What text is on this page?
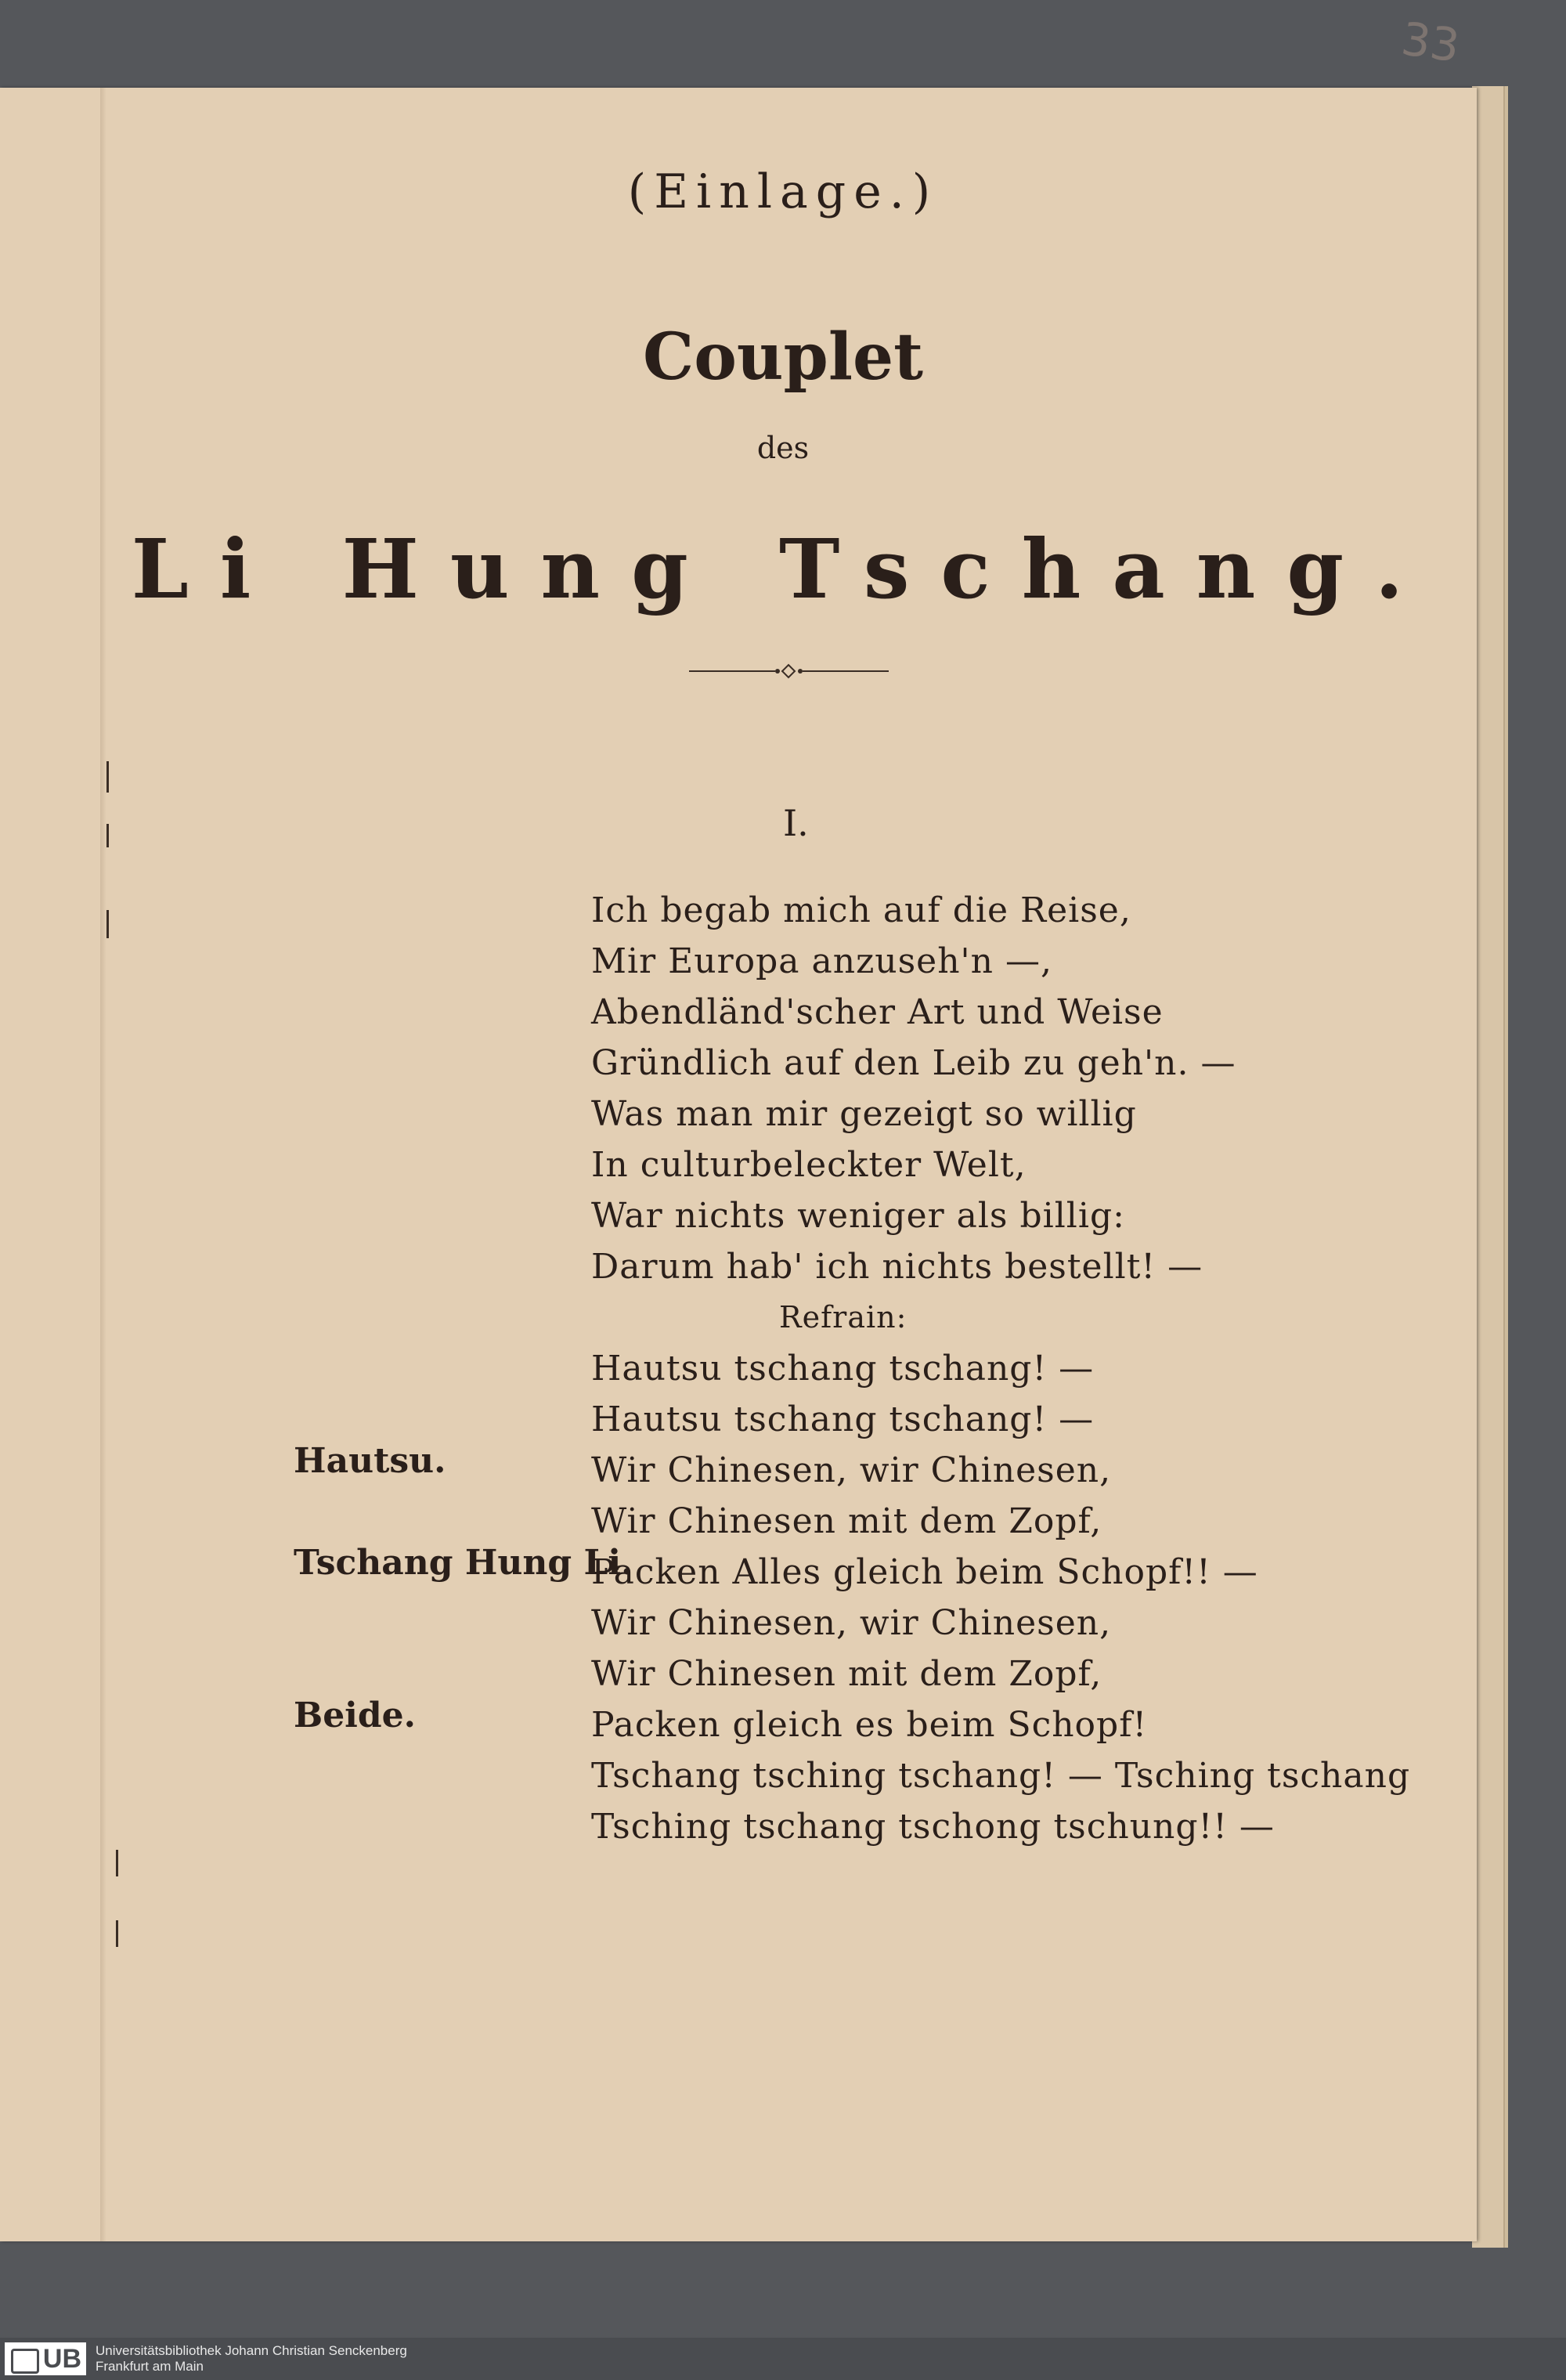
33
(Einlage.)
Couplet
des
Li Hung Tschang.
I.
Ich begab mich auf die Reise,
Mir Europa anzuseh'n —,
Abendländ'scher Art und Weise
Gründlich auf den Leib zu geh'n. —
Was man mir gezeigt so willig
In culturbeleckter Welt,
War nichts weniger als billig:
Darum hab' ich nichts bestellt! —
Refrain:
Hautsu tschang tschang! —
Hautsu tschang tschang! —
Wir Chinesen, wir Chinesen,
Wir Chinesen mit dem Zopf,
Packen Alles gleich beim Schopf!! —
Wir Chinesen, wir Chinesen,
Wir Chinesen mit dem Zopf,
Packen gleich es beim Schopf!
Tschang tsching tschang! — Tsching tschang
Tsching tschang tschong tschung!! —
Hautsu.
Tschang Hung Li.
Beide.
UB	Universitätsbibliothek Johann Christian Senckenberg
Frankfurt am Main
